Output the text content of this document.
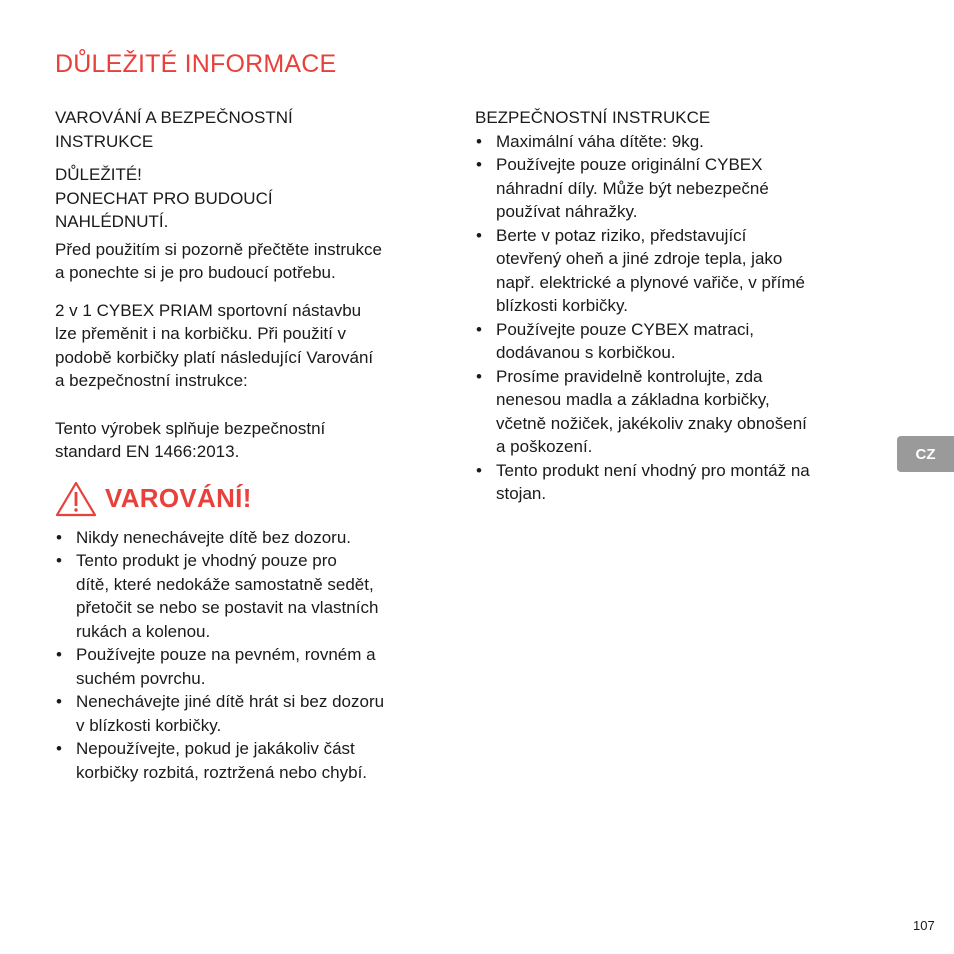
DŮLEŽITÉ INFORMACE

VAROVÁNÍ A BEZPEČNOSTNÍ
INSTRUKCE

DŮLEŽITÉ!
PONECHAT PRO BUDOUCÍ
NAHLÉDNUTÍ.

Před použitím si pozorně přečtěte instrukce
a ponechte si je pro budoucí potřebu.

2 v 1 CYBEX PRIAM sportovní nástavbu
lze přeměnit i na korbičku. Při použití v
podobě korbičky platí následující Varování
a bezpečnostní instrukce:

Tento výrobek splňuje bezpečnostní
standard EN 1466:2013.

VAROVÁNÍ!
• Nikdy nenechávejte dítě bez dozoru.
• Tento produkt je vhodný pouze pro
dítě, které nedokáže samostatně sedět,
přetočit se nebo se postavit na vlastních
rukách a kolenou.
• Používejte pouze na pevném, rovném a
suchém povrchu.
• Nenechávejte jiné dítě hrát si bez dozoru
v blízkosti korbičky.
• Nepoužívejte, pokud je jakákoliv část
korbičky rozbitá, roztržená nebo chybí.

BEZPEČNOSTNÍ INSTRUKCE

• Maximální váha dítěte: 9kg.
• Používejte pouze originální CYBEX
náhradní díly. Může být nebezpečné
používat náhražky.
• Berte v potaz riziko, představující
otevřený oheň a jiné zdroje tepla, jako
např. elektrické a plynové vařiče, v přímé
blízkosti korbičky.
• Používejte pouze CYBEX matraci,
dodávanou s korbičkou.
• Prosíme pravidelně kontrolujte, zda
nenesou madla a základna korbičky,
včetně nožiček, jakékoliv znaky obnošení
a poškození.
• Tento produkt není vhodný pro montáž na
stojan.
CZ
107
